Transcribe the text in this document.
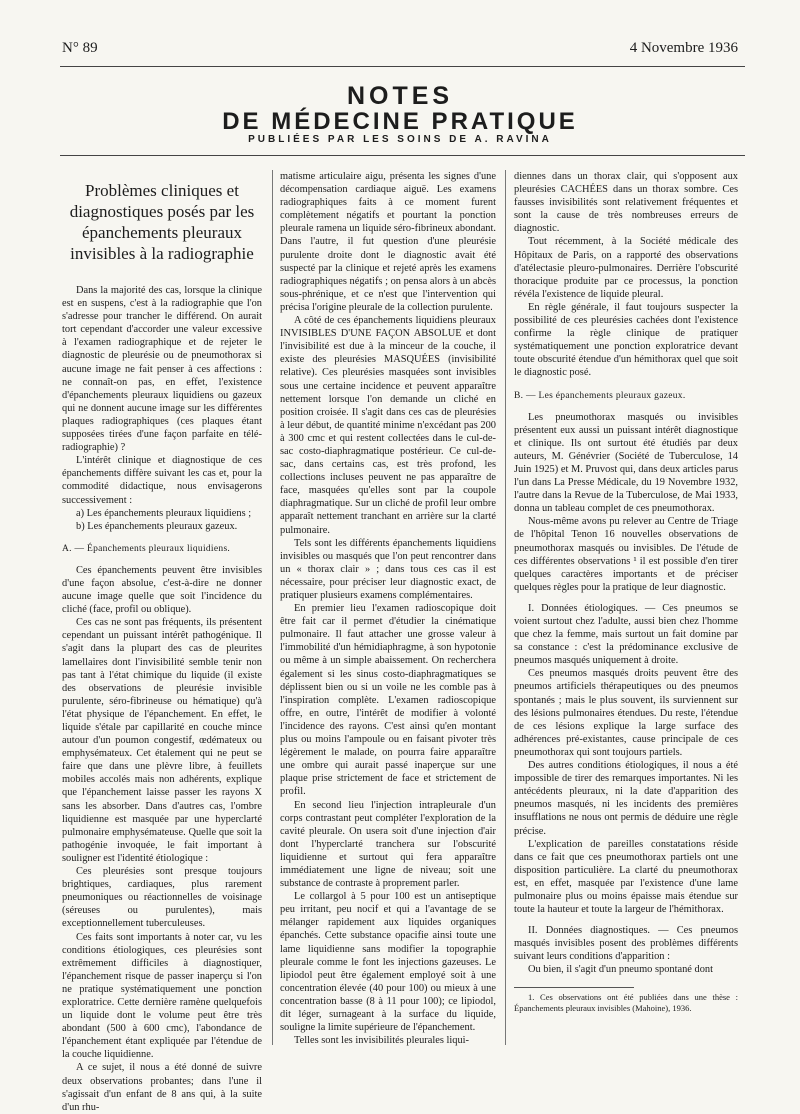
N° 89	4 Novembre 1936
NOTES
DE MÉDECINE PRATIQUE
PUBLIÉES PAR LES SOINS DE A. RAVINA
Problèmes cliniques et diagnostiques posés par les épanchements pleuraux invisibles à la radiographie

Dans la majorité des cas, lorsque la clinique est en suspens, c'est à la radiographie que l'on s'adresse pour trancher le différend. On aurait tort cependant d'accorder une valeur excessive à l'examen radiographique et de rejeter le diagnostic de pleurésie ou de pneumothorax si aucune image ne fait penser à ces affections : ne connaît-on pas, en effet, l'existence d'épanchements pleuraux liquidiens ou gazeux qui ne donnent aucune image sur les différentes plaques radiographiques (ces plaques étant supposées tirées d'une façon parfaite en télé-radiographie) ?

L'intérêt clinique et diagnostique de ces épanchements diffère suivant les cas et, pour la commodité didactique, nous envisagerons successivement :

a) Les épanchements pleuraux liquidiens ;

b) Les épanchements pleuraux gazeux.

A. — Épanchements pleuraux liquidiens.

Ces épanchements peuvent être invisibles d'une façon absolue, c'est-à-dire ne donner aucune image quelle que soit l'incidence du cliché (face, profil ou oblique).

Ces cas ne sont pas fréquents, ils présentent cependant un puissant intérêt pathogénique. Il s'agit dans la plupart des cas de pleurites lamellaires dont l'invisibilité semble tenir non pas tant à l'état chimique du liquide (il existe des observations de pleurésie invisible purulente, séro-fibrineuse ou hématique) qu'à l'état physique de l'épanchement. En effet, le liquide s'étale par capillarité en couche mince autour d'un poumon congestif, œdémateux ou emphysémateux. Cet étalement qui ne peut se faire que dans une plèvre libre, à feuillets mobiles accolés mais non adhérents, explique que l'épanchement laisse passer les rayons X sans les absorber. Dans d'autres cas, l'ombre liquidienne est masquée par une hyperclarté pulmonaire emphysémateuse. Quelle que soit la pathogénie invoquée, le fait important à souligner est l'identité étiologique :

Ces pleurésies sont presque toujours brightiques, cardiaques, plus rarement pneumoniques ou réactionnelles de voisinage (séreuses ou purulentes), mais exceptionnellement tuberculeuses.

Ces faits sont importants à noter car, vu les conditions étiologiques, ces pleurésies sont extrêmement difficiles à diagnostiquer, l'épanchement risque de passer inaperçu si l'on ne pratique systématiquement une ponction exploratrice. Cette dernière ramène quelquefois un liquide dont le volume peut être très abondant (500 à 600 cmc), l'abondance de l'épanchement étant expliquée par l'étendue de la couche liquidienne.

A ce sujet, il nous a été donné de suivre deux observations probantes; dans l'une il s'agissait d'un enfant de 8 ans qui, à la suite d'un rhu-

matisme articulaire aigu, présenta les signes d'une décompensation cardiaque aiguë. Les examens radiographiques faits à ce moment furent complètement négatifs et pourtant la ponction pleurale ramena un liquide séro-fibrineux abondant. Dans l'autre, il fut question d'une pleurésie purulente droite dont le diagnostic avait été suspecté par la clinique et rejeté après les examens radiographiques négatifs ; on pensa alors à un abcès sous-phrénique, et ce n'est que l'intervention qui précisa l'origine pleurale de la collection purulente.

A côté de ces épanchements liquidiens pleuraux INVISIBLES D'UNE FAÇON ABSOLUE et dont l'invisibilité est due à la minceur de la couche, il existe des pleurésies MASQUÉES (invisibilité relative). Ces pleurésies masquées sont invisibles sous une certaine incidence et peuvent apparaître nettement lorsque l'on demande un cliché en position croisée. Il s'agit dans ces cas de pleurésies à leur début, de quantité minime n'excédant pas 200 à 300 cmc et qui restent collectées dans le cul-de-sac costo-diaphragmatique postérieur. Ce cul-de-sac, dans certains cas, est très profond, les collections incluses peuvent ne pas apparaître de face, masquées qu'elles sont par la coupole diaphragmatique. Sur un cliché de profil leur ombre apparaît nettement tranchant en arrière sur la clarté pulmonaire.

Tels sont les différents épanchements liquidiens invisibles ou masqués que l'on peut rencontrer dans un « thorax clair » ; dans tous ces cas il est nécessaire, pour préciser leur diagnostic exact, de pratiquer plusieurs examens complémentaires.

En premier lieu l'examen radioscopique doit être fait car il permet d'étudier la cinématique pulmonaire. Il faut attacher une grosse valeur à l'immobilité d'un hémidiaphragme, à son hypotonie ou même à un simple abaissement. On recherchera également si les sinus costo-diaphragmatiques se déplissent bien ou si un voile ne les comble pas à l'inspiration complète. L'examen radioscopique offre, en outre, l'intérêt de modifier à volonté l'incidence des rayons. C'est ainsi qu'en montant plus ou moins l'ampoule ou en faisant pivoter très légèrement le malade, on pourra faire apparaître une ombre qui aurait passé inaperçue sur une plaque prise strictement de face et strictement de profil.

En second lieu l'injection intrapleurale d'un corps contrastant peut compléter l'exploration de la cavité pleurale. On usera soit d'une injection d'air dont l'hyperclarté tranchera sur l'obscurité liquidienne et surtout qui fera apparaître immédiatement une ligne de niveau; soit une substance de contraste à proprement parler.

Le collargol à 5 pour 100 est un antiseptique peu irritant, peu nocif et qui a l'avantage de se mélanger rapidement aux liquides organiques épanchés. Cette substance opacifie ainsi toute une lame liquidienne sans modifier la topographie pleurale comme le font les injections gazeuses. Le lipiodol peut être également employé soit à une concentration élevée (40 pour 100) ou mieux à une concentration basse (8 à 11 pour 100); ce lipiodol, dit léger, surnageant à la surface du liquide, souligne la limite supérieure de l'épanchement.

Telles sont les invisibilités pleurales liqui-

diennes dans un thorax clair, qui s'opposent aux pleurésies CACHÉES dans un thorax sombre. Ces fausses invisibilités sont relativement fréquentes et sont la cause de très nombreuses erreurs de diagnostic.

Tout récemment, à la Société médicale des Hôpitaux de Paris, on a rapporté des observations d'atélectasie pleuro-pulmonaires. Derrière l'obscurité thoracique produite par ce processus, la ponction révéla l'existence de liquide pleural.

En règle générale, il faut toujours suspecter la possibilité de ces pleurésies cachées dont l'existence confirme la règle clinique de pratiquer systématiquement une ponction exploratrice devant toute obscurité étendue d'un hémithorax quel que soit le diagnostic posé.

B. — Les épanchements pleuraux gazeux.

Les pneumothorax masqués ou invisibles présentent eux aussi un puissant intérêt diagnostique et clinique. Ils ont surtout été étudiés par deux auteurs, M. Génévrier (Société de Tuberculose, 14 Juin 1925) et M. Pruvost qui, dans deux articles parus l'un dans La Presse Médicale, du 19 Novembre 1932, l'autre dans la Revue de la Tuberculose, de Mai 1933, donna un tableau complet de ces pneumothorax.

Nous-même avons pu relever au Centre de Triage de l'hôpital Tenon 16 nouvelles observations de pneumothorax masqués ou invisibles. De l'étude de ces différentes observations ¹ il est possible d'en tirer quelques caractères importants et de préciser quelques règles pour la pratique de leur diagnostic.

I. Données étiologiques. — Ces pneumos se voient surtout chez l'adulte, aussi bien chez l'homme que chez la femme, mais surtout un fait domine par sa constance : c'est la prédominance exclusive de pneumos masqués uniquement à droite.

Ces pneumos masqués droits peuvent être des pneumos artificiels thérapeutiques ou des pneumos spontanés ; mais le plus souvent, ils surviennent sur des lésions pulmonaires étendues. Du reste, l'étendue de ces lésions explique la large surface des adhérences pré-existantes, cause principale de ces pneumothorax qui sont toujours partiels.

Des autres conditions étiologiques, il nous a été impossible de tirer des remarques importantes. Ni les antécédents pleuraux, ni la date d'apparition des pneumos masqués, ni les incidents des premières insufflations ne nous ont permis de déduire une règle précise.

L'explication de pareilles constatations réside dans ce fait que ces pneumothorax partiels ont une disposition particulière. La clarté du pneumothorax est, en effet, masquée par l'existence d'une lame pulmonaire plus ou moins épaisse mais étendue sur toute la hauteur et toute la largeur de l'hémithorax.

II. Données diagnostiques. — Ces pneumos masqués invisibles posent des problèmes différents suivant leurs conditions d'apparition :

Ou bien, il s'agit d'un pneumo spontané dont

1. Ces observations ont été publiées dans une thèse : Épanchements pleuraux invisibles (Mahoine), 1936.
